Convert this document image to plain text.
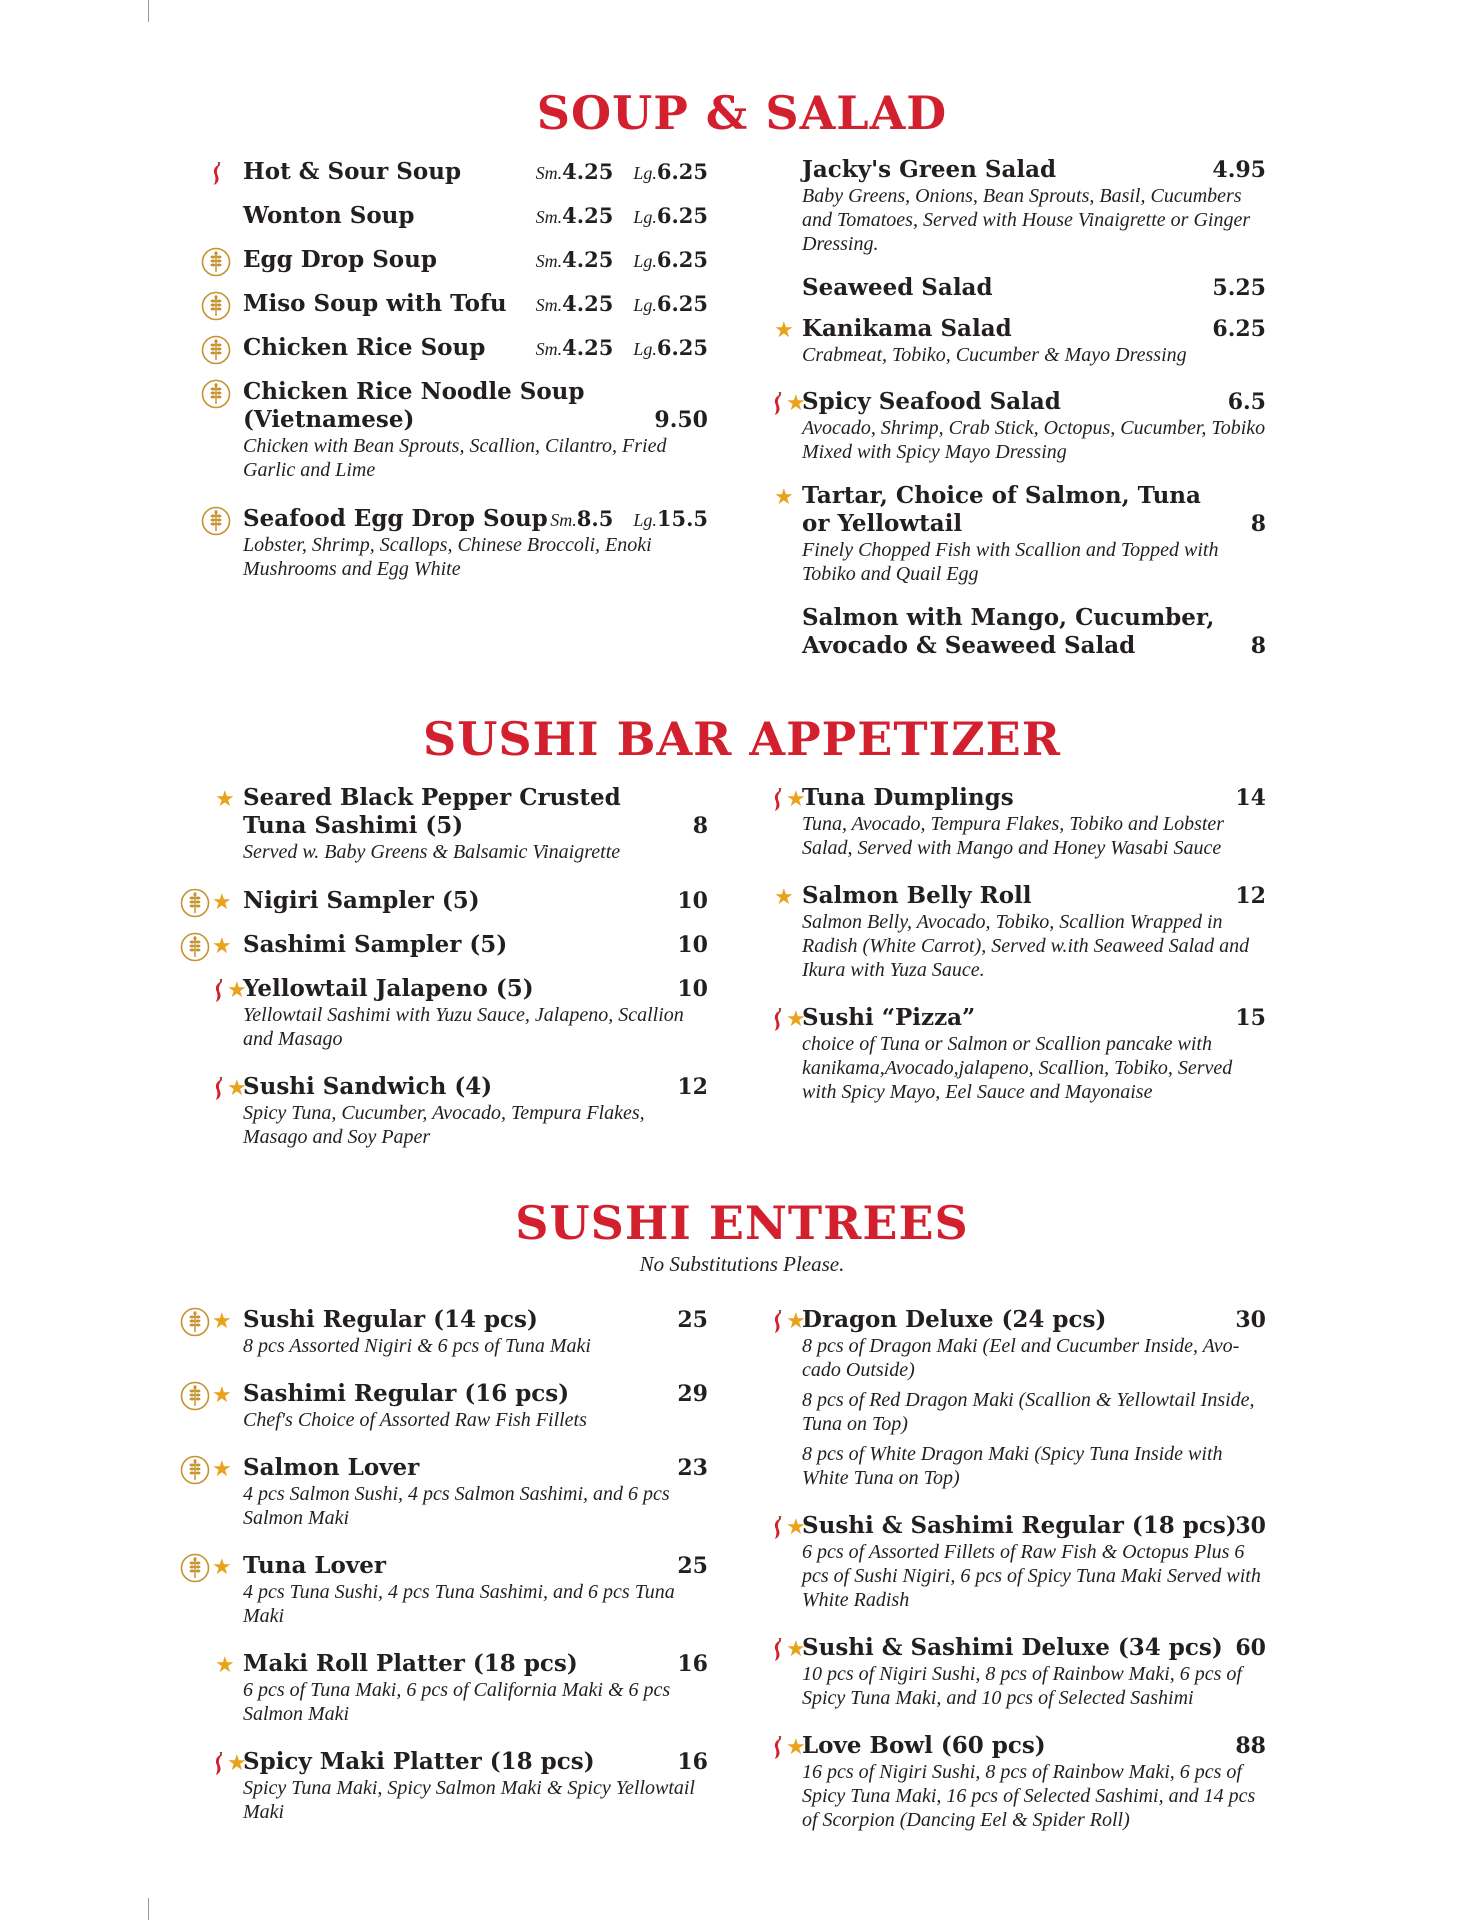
SOUP & SALAD
Hot & Sour Soup	Sm.4.25 Lg.6.25
Wonton Soup	Sm.4.25 Lg.6.25
Egg Drop Soup	Sm.4.25 Lg.6.25
Miso Soup with Tofu	Sm.4.25 Lg.6.25
Chicken Rice Soup	Sm.4.25 Lg.6.25
Chicken Rice Noodle Soup
(Vietnamese)	9.50
Chicken with Bean Sprouts, Scallion, Cilantro, Fried Garlic and Lime
Seafood Egg Drop Soup Sm.8.5 Lg.15.5
Lobster, Shrimp, Scallops, Chinese Broccoli, Enoki Mushrooms and Egg White
Jacky's Green Salad	4.95
Baby Greens, Onions, Bean Sprouts, Basil, Cucumbers and Tomatoes, Served with House Vinaigrette or Ginger Dressing.
Seaweed Salad	5.25
★ Kanikama Salad	6.25
Crabmeat, Tobiko, Cucumber & Mayo Dressing
★
Spicy Seafood Salad	6.5
Avocado, Shrimp, Crab Stick, Octopus, Cucumber, Tobiko Mixed with Spicy Mayo Dressing
★ Tartar, Choice of Salmon, Tuna
or Yellowtail	8
Finely Chopped Fish with Scallion and Topped with Tobiko and Quail Egg
Salmon with Mango, Cucumber,
Avocado & Seaweed Salad	8
SUSHI BAR APPETIZER
★ Seared Black Pepper Crusted
Tuna Sashimi (5)	8
Served w. Baby Greens & Balsamic Vinaigrette
★ Nigiri Sampler (5)	10
★ Sashimi Sampler (5)	10
★
Yellowtail Jalapeno (5)	10
Yellowtail Sashimi with Yuzu Sauce, Jalapeno, Scallion and Masago
★
Sushi Sandwich (4)	12
Spicy Tuna, Cucumber, Avocado, Tempura Flakes, Masago and Soy Paper
★
Tuna Dumplings	14
Tuna, Avocado, Tempura Flakes, Tobiko and Lobster Salad, Served with Mango and Honey Wasabi Sauce
★ Salmon Belly Roll	12
Salmon Belly, Avocado, Tobiko, Scallion Wrapped in Radish (White Carrot), Served w.ith Seaweed Salad and Ikura with Yuza Sauce.
★
Sushi “Pizza”	15
choice of Tuna or Salmon or Scallion pancake with kanikama,Avocado,jalapeno, Scallion, Tobiko, Served with Spicy Mayo, Eel Sauce and Mayonaise
SUSHI ENTREES
No Substitutions Please.
★ Sushi Regular (14 pcs)	25
8 pcs Assorted Nigiri & 6 pcs of Tuna Maki
★ Sashimi Regular (16 pcs)	29
Chef's Choice of Assorted Raw Fish Fillets
★ Salmon Lover	23
4 pcs Salmon Sushi, 4 pcs Salmon Sashimi, and 6 pcs Salmon Maki
★ Tuna Lover	25
4 pcs Tuna Sushi, 4 pcs Tuna Sashimi, and 6 pcs Tuna Maki
★ Maki Roll Platter (18 pcs)	16
6 pcs of Tuna Maki, 6 pcs of California Maki & 6 pcs Salmon Maki
★
Spicy Maki Platter (18 pcs)	16
Spicy Tuna Maki, Spicy Salmon Maki & Spicy Yellowtail Maki
★
Dragon Deluxe (24 pcs)	30
8 pcs of Dragon Maki (Eel and Cucumber Inside, Avo-cado Outside)
8 pcs of Red Dragon Maki (Scallion & Yellowtail Inside, Tuna on Top)
8 pcs of White Dragon Maki (Spicy Tuna Inside with White Tuna on Top)
★
Sushi & Sashimi Regular (18 pcs)
30
6 pcs of Assorted Fillets of Raw Fish & Octopus Plus 6 pcs of Sushi Nigiri, 6 pcs of Spicy Tuna Maki Served with White Radish
★
Sushi & Sashimi Deluxe (34 pcs) 60
10 pcs of Nigiri Sushi, 8 pcs of Rainbow Maki, 6 pcs of Spicy Tuna Maki, and 10 pcs of Selected Sashimi
★
Love Bowl (60 pcs)	88
16 pcs of Nigiri Sushi, 8 pcs of Rainbow Maki, 6 pcs of Spicy Tuna Maki, 16 pcs of Selected Sashimi, and 14 pcs of Scorpion (Dancing Eel & Spider Roll)
